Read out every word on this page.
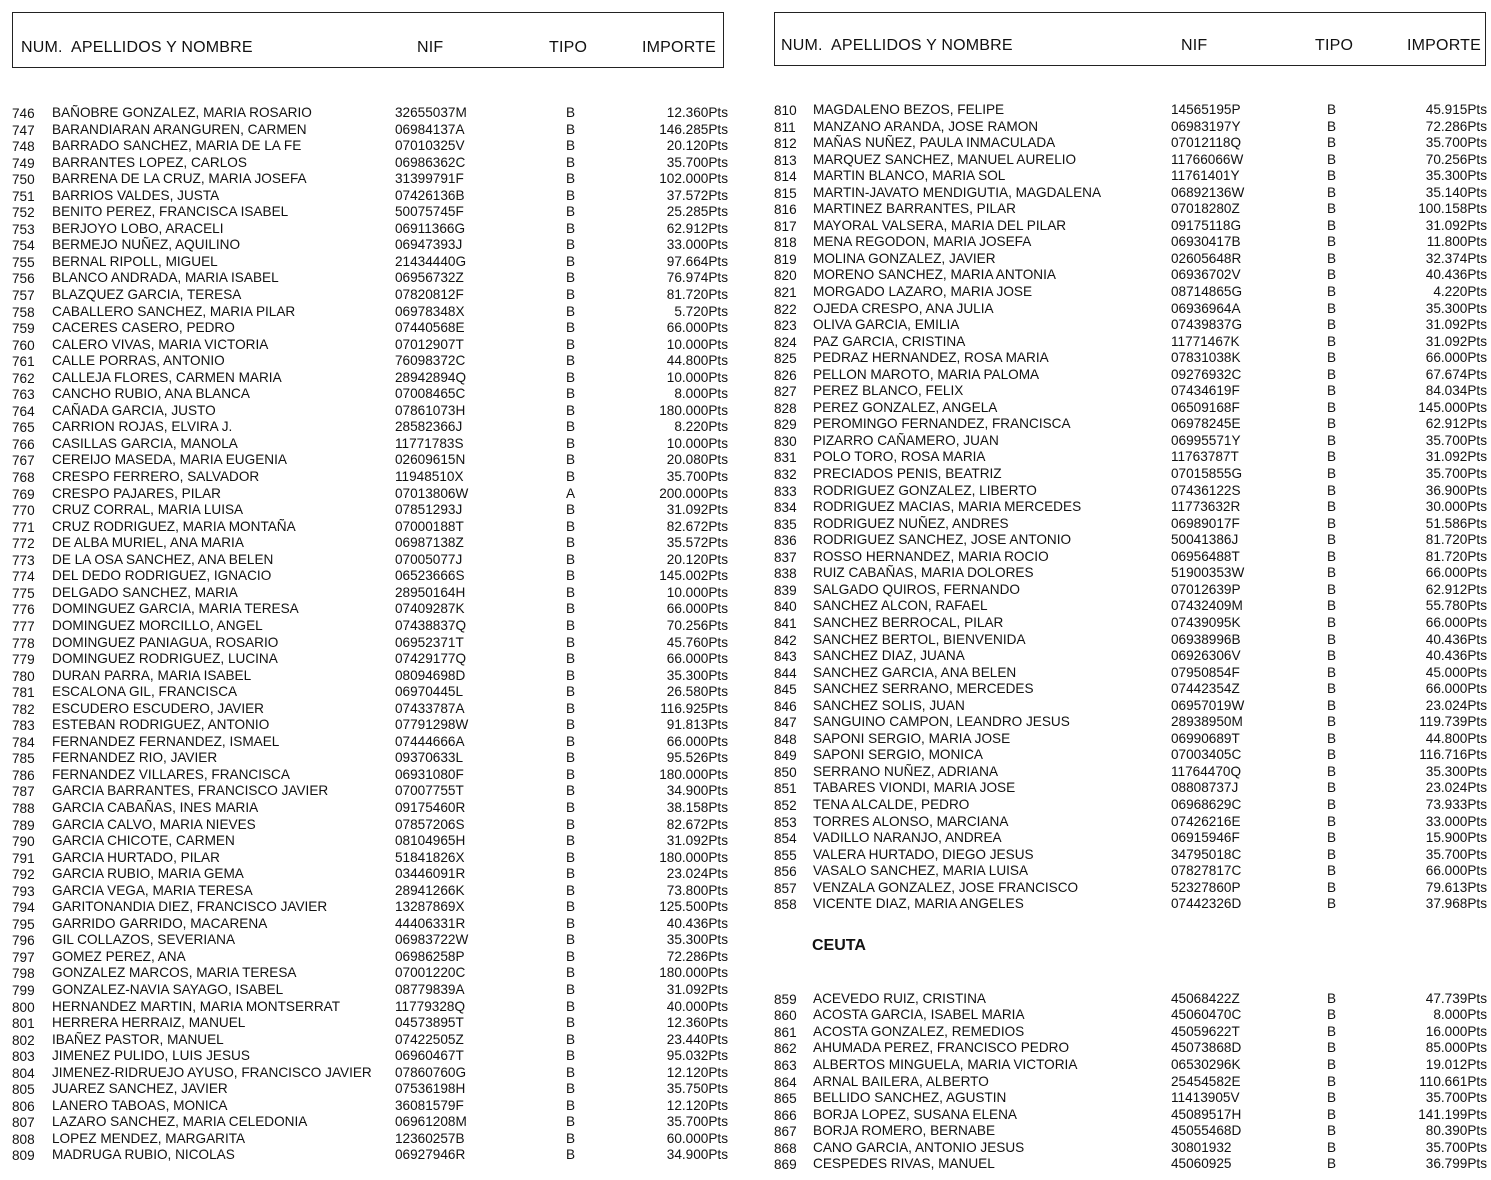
NUM. APELLIDOS Y NOMBRE	NIF	TIPO	IMPORTE
746	BAÑOBRE GONZALEZ, MARIA ROSARIO	32655037M	B	12.360Pts
747	BARANDIARAN ARANGUREN, CARMEN	06984137A	B	146.285Pts
748	BARRADO SANCHEZ, MARIA DE LA FE	07010325V	B	20.120Pts
749	BARRANTES LOPEZ, CARLOS	06986362C	B	35.700Pts
750	BARRENA DE LA CRUZ, MARIA JOSEFA	31399791F	B	102.000Pts
751	BARRIOS VALDES, JUSTA	07426136B	B	37.572Pts
752	BENITO PEREZ, FRANCISCA ISABEL	50075745F	B	25.285Pts
753	BERJOYO LOBO, ARACELI	06911366G	B	62.912Pts
754	BERMEJO NUÑEZ, AQUILINO	06947393J	B	33.000Pts
755	BERNAL RIPOLL, MIGUEL	21434440G	B	97.664Pts
756	BLANCO ANDRADA, MARIA ISABEL	06956732Z	B	76.974Pts
757	BLAZQUEZ GARCIA, TERESA	07820812F	B	81.720Pts
758	CABALLERO SANCHEZ, MARIA PILAR	06978348X	B	5.720Pts
759	CACERES CASERO, PEDRO	07440568E	B	66.000Pts
760	CALERO VIVAS, MARIA VICTORIA	07012907T	B	10.000Pts
761	CALLE PORRAS, ANTONIO	76098372C	B	44.800Pts
762	CALLEJA FLORES, CARMEN MARIA	28942894Q	B	10.000Pts
763	CANCHO RUBIO, ANA BLANCA	07008465C	B	8.000Pts
764	CAÑADA GARCIA, JUSTO	07861073H	B	180.000Pts
765	CARRION ROJAS, ELVIRA J.	28582366J	B	8.220Pts
766	CASILLAS GARCIA, MANOLA	11771783S	B	10.000Pts
767	CEREIJO MASEDA, MARIA EUGENIA	02609615N	B	20.080Pts
768	CRESPO FERRERO, SALVADOR	11948510X	B	35.700Pts
769	CRESPO PAJARES, PILAR	07013806W	A	200.000Pts
770	CRUZ CORRAL, MARIA LUISA	07851293J	B	31.092Pts
771	CRUZ RODRIGUEZ, MARIA MONTAÑA	07000188T	B	82.672Pts
772	DE ALBA MURIEL, ANA MARIA	06987138Z	B	35.572Pts
773	DE LA OSA SANCHEZ, ANA BELEN	07005077J	B	20.120Pts
774	DEL DEDO RODRIGUEZ, IGNACIO	06523666S	B	145.002Pts
775	DELGADO SANCHEZ, MARIA	28950164H	B	10.000Pts
776	DOMINGUEZ GARCIA, MARIA TERESA	07409287K	B	66.000Pts
777	DOMINGUEZ MORCILLO, ANGEL	07438837Q	B	70.256Pts
778	DOMINGUEZ PANIAGUA, ROSARIO	06952371T	B	45.760Pts
779	DOMINGUEZ RODRIGUEZ, LUCINA	07429177Q	B	66.000Pts
780	DURAN PARRA, MARIA ISABEL	08094698D	B	35.300Pts
781	ESCALONA GIL, FRANCISCA	06970445L	B	26.580Pts
782	ESCUDERO ESCUDERO, JAVIER	07433787A	B	116.925Pts
783	ESTEBAN RODRIGUEZ, ANTONIO	07791298W	B	91.813Pts
784	FERNANDEZ FERNANDEZ, ISMAEL	07444666A	B	66.000Pts
785	FERNANDEZ RIO, JAVIER	09370633L	B	95.526Pts
786	FERNANDEZ VILLARES, FRANCISCA	06931080F	B	180.000Pts
787	GARCIA BARRANTES, FRANCISCO JAVIER	07007755T	B	34.900Pts
788	GARCIA CABAÑAS, INES MARIA	09175460R	B	38.158Pts
789	GARCIA CALVO, MARIA NIEVES	07857206S	B	82.672Pts
790	GARCIA CHICOTE, CARMEN	08104965H	B	31.092Pts
791	GARCIA HURTADO, PILAR	51841826X	B	180.000Pts
792	GARCIA RUBIO, MARIA GEMA	03446091R	B	23.024Pts
793	GARCIA VEGA, MARIA TERESA	28941266K	B	73.800Pts
794	GARITONANDIA DIEZ, FRANCISCO JAVIER	13287869X	B	125.500Pts
795	GARRIDO GARRIDO, MACARENA	44406331R	B	40.436Pts
796	GIL COLLAZOS, SEVERIANA	06983722W	B	35.300Pts
797	GOMEZ PEREZ, ANA	06986258P	B	72.286Pts
798	GONZALEZ MARCOS, MARIA TERESA	07001220C	B	180.000Pts
799	GONZALEZ-NAVIA SAYAGO, ISABEL	08779839A	B	31.092Pts
800	HERNANDEZ MARTIN, MARIA MONTSERRAT	11779328Q	B	40.000Pts
801	HERRERA HERRAIZ, MANUEL	04573895T	B	12.360Pts
802	IBAÑEZ PASTOR, MANUEL	07422505Z	B	23.440Pts
803	JIMENEZ PULIDO, LUIS JESUS	06960467T	B	95.032Pts
804	JIMENEZ-RIDRUEJO AYUSO, FRANCISCO JAVIER 07860760G	B	12.120Pts
805	JUAREZ SANCHEZ, JAVIER	07536198H	B	35.750Pts
806	LANERO TABOAS, MONICA	36081579F	B	12.120Pts
807	LAZARO SANCHEZ, MARIA CELEDONIA	06961208M	B	35.700Pts
808	LOPEZ MENDEZ, MARGARITA	12360257B	B	60.000Pts
809	MADRUGA RUBIO, NICOLAS	06927946R	B	34.900Pts
NUM. APELLIDOS Y NOMBRE	NIF	TIPO	IMPORTE
810	MAGDALENO BEZOS, FELIPE	14565195P	B	45.915Pts
811	MANZANO ARANDA, JOSE RAMON	06983197Y	B	72.286Pts
812	MAÑAS NUÑEZ, PAULA INMACULADA	07012118Q	B	35.700Pts
813	MARQUEZ SANCHEZ, MANUEL AURELIO	11766066W	B	70.256Pts
814	MARTIN BLANCO, MARIA SOL	11761401Y	B	35.300Pts
815	MARTIN-JAVATO MENDIGUTIA, MAGDALENA	06892136W	B	35.140Pts
816	MARTINEZ BARRANTES, PILAR	07018280Z	B	100.158Pts
817	MAYORAL VALSERA, MARIA DEL PILAR	09175118G	B	31.092Pts
818	MENA REGODON, MARIA JOSEFA	06930417B	B	11.800Pts
819	MOLINA GONZALEZ, JAVIER	02605648R	B	32.374Pts
820	MORENO SANCHEZ, MARIA ANTONIA	06936702V	B	40.436Pts
821	MORGADO LAZARO, MARIA JOSE	08714865G	B	4.220Pts
822	OJEDA CRESPO, ANA JULIA	06936964A	B	35.300Pts
823	OLIVA GARCIA, EMILIA	07439837G	B	31.092Pts
824	PAZ GARCIA, CRISTINA	11771467K	B	31.092Pts
825	PEDRAZ HERNANDEZ, ROSA MARIA	07831038K	B	66.000Pts
826	PELLON MAROTO, MARIA PALOMA	09276932C	B	67.674Pts
827	PEREZ BLANCO, FELIX	07434619F	B	84.034Pts
828	PEREZ GONZALEZ, ANGELA	06509168F	B	145.000Pts
829	PEROMINGO FERNANDEZ, FRANCISCA	06978245E	B	62.912Pts
830	PIZARRO CAÑAMERO, JUAN	06995571Y	B	35.700Pts
831	POLO TORO, ROSA MARIA	11763787T	B	31.092Pts
832	PRECIADOS PENIS, BEATRIZ	07015855G	B	35.700Pts
833	RODRIGUEZ GONZALEZ, LIBERTO	07436122S	B	36.900Pts
834	RODRIGUEZ MACIAS, MARIA MERCEDES	11773632R	B	30.000Pts
835	RODRIGUEZ NUÑEZ, ANDRES	06989017F	B	51.586Pts
836	RODRIGUEZ SANCHEZ, JOSE ANTONIO	50041386J	B	81.720Pts
837	ROSSO HERNANDEZ, MARIA ROCIO	06956488T	B	81.720Pts
838	RUIZ CABAÑAS, MARIA DOLORES	51900353W	B	66.000Pts
839	SALGADO QUIROS, FERNANDO	07012639P	B	62.912Pts
840	SANCHEZ ALCON, RAFAEL	07432409M	B	55.780Pts
841	SANCHEZ BERROCAL, PILAR	07439095K	B	66.000Pts
842	SANCHEZ BERTOL, BIENVENIDA	06938996B	B	40.436Pts
843	SANCHEZ DIAZ, JUANA	06926306V	B	40.436Pts
844	SANCHEZ GARCIA, ANA BELEN	07950854F	B	45.000Pts
845	SANCHEZ SERRANO, MERCEDES	07442354Z	B	66.000Pts
846	SANCHEZ SOLIS, JUAN	06957019W	B	23.024Pts
847	SANGUINO CAMPON, LEANDRO JESUS	28938950M	B	119.739Pts
848	SAPONI SERGIO, MARIA JOSE	06990689T	B	44.800Pts
849	SAPONI SERGIO, MONICA	07003405C	B	116.716Pts
850	SERRANO NUÑEZ, ADRIANA	11764470Q	B	35.300Pts
851	TABARES VIONDI, MARIA JOSE	08808737J	B	23.024Pts
852	TENA ALCALDE, PEDRO	06968629C	B	73.933Pts
853	TORRES ALONSO, MARCIANA	07426216E	B	33.000Pts
854	VADILLO NARANJO, ANDREA	06915946F	B	15.900Pts
855	VALERA HURTADO, DIEGO JESUS	34795018C	B	35.700Pts
856	VASALO SANCHEZ, MARIA LUISA	07827817C	B	66.000Pts
857	VENZALA GONZALEZ, JOSE FRANCISCO	52327860P	B	79.613Pts
858	VICENTE DIAZ, MARIA ANGELES	07442326D	B	37.968Pts
CEUTA
859	ACEVEDO RUIZ, CRISTINA	45068422Z	B	47.739Pts
860	ACOSTA GARCIA, ISABEL MARIA	45060470C	B	8.000Pts
861	ACOSTA GONZALEZ, REMEDIOS	45059622T	B	16.000Pts
862	AHUMADA PEREZ, FRANCISCO PEDRO	45073868D	B	85.000Pts
863	ALBERTOS MINGUELA, MARIA VICTORIA	06530296K	B	19.012Pts
864	ARNAL BAILERA, ALBERTO	25454582E	B	110.661Pts
865	BELLIDO SANCHEZ, AGUSTIN	11413905V	B	35.700Pts
866	BORJA LOPEZ, SUSANA ELENA	45089517H	B	141.199Pts
867	BORJA ROMERO, BERNABE	45055468D	B	80.390Pts
868	CANO GARCIA, ANTONIO JESUS	30801932	B	35.700Pts
869	CESPEDES RIVAS, MANUEL	45060925	B	36.799Pts
